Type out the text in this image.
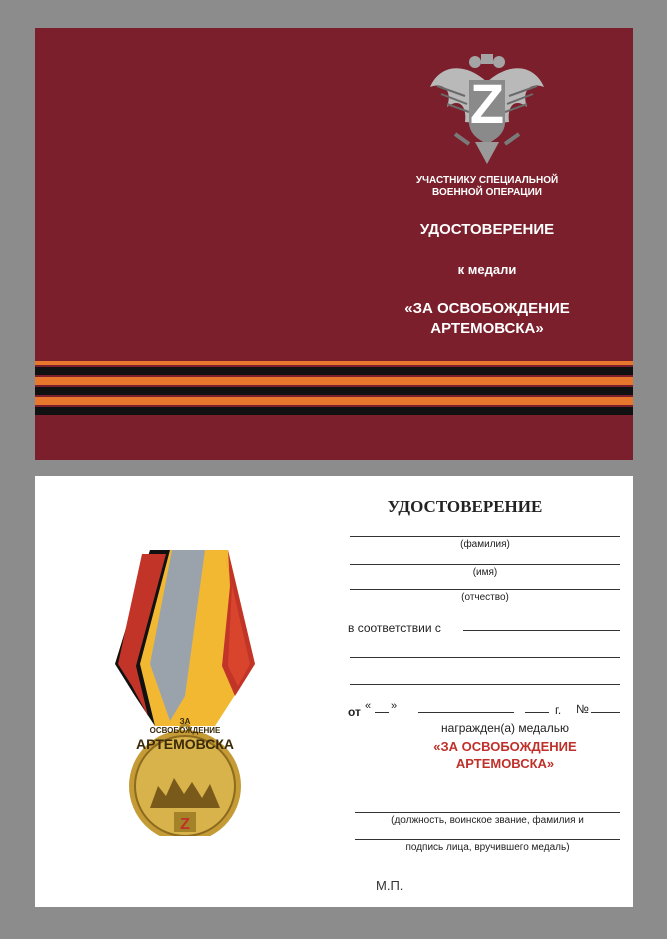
Z
УЧАСТНИКУ СПЕЦИАЛЬНОЙ
ВОЕННОЙ ОПЕРАЦИИ
УДОСТОВЕРЕНИЕ
к медали
«ЗА ОСВОБОЖДЕНИЕ
АРТЕМОВСКА»
ЗА
ОСВОБОЖДЕНИЕ
АРТЕМОВСКА
Z
УДОСТОВЕРЕНИЕ
(фамилия)
(имя)
(отчество)
в соответствии с
от « »	г. №
награжден(а) медалью
«ЗА ОСВОБОЖДЕНИЕ
АРТЕМОВСКА»
(должность, воинское звание, фамилия и
подпись лица, вручившего медаль)
М.П.
